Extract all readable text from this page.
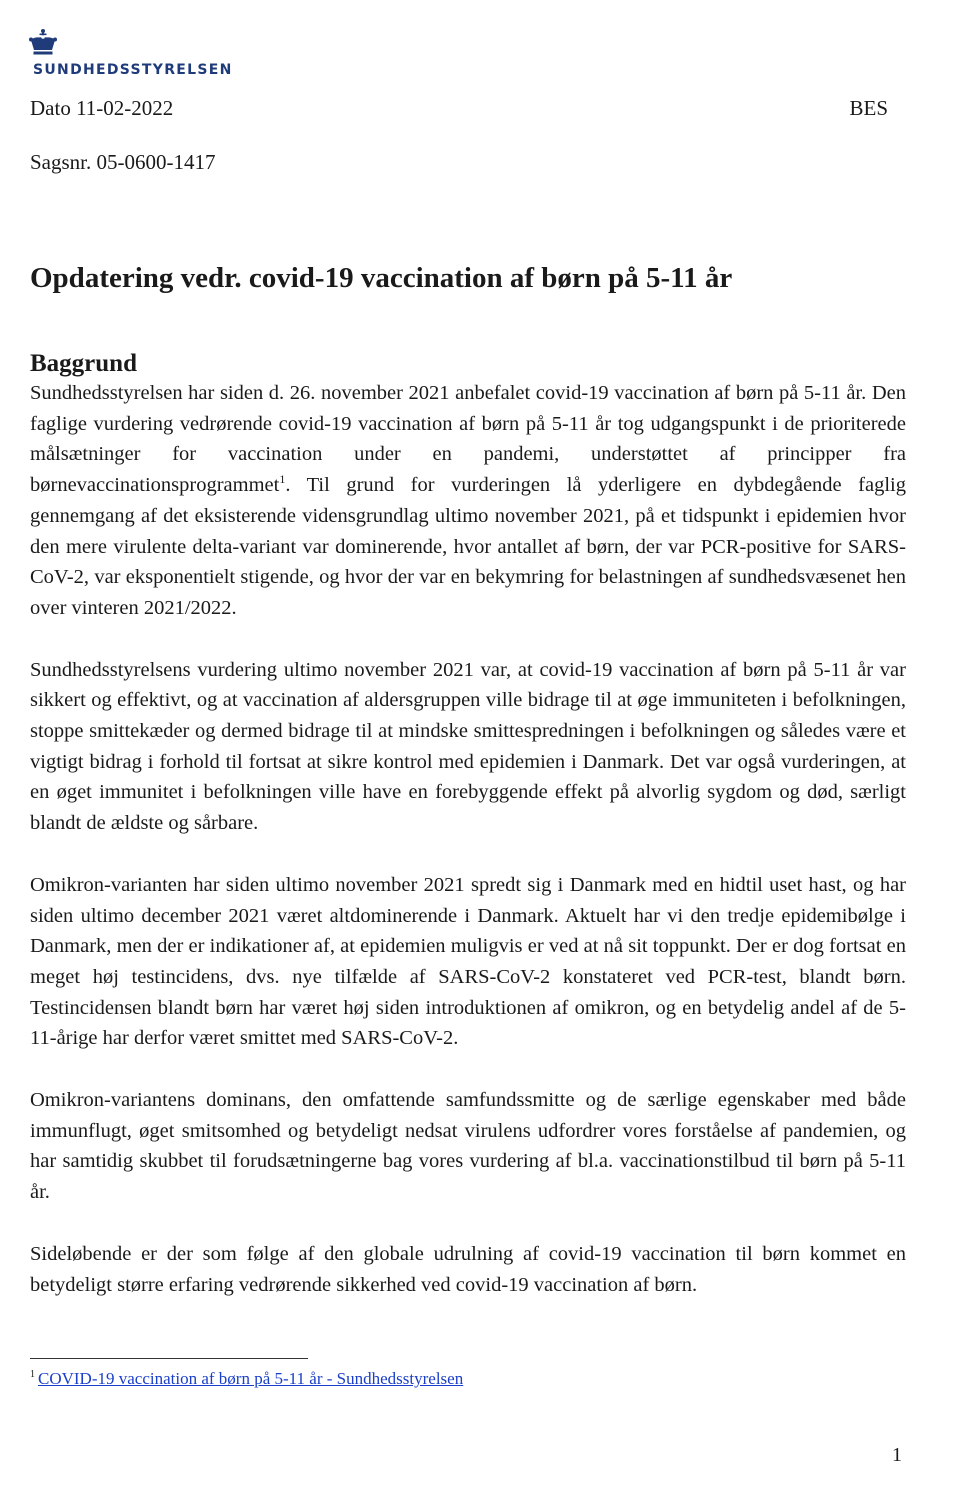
SUNDHEDSSTYRELSEN
Dato 11-02-2022	BES
Sagsnr. 05-0600-1417
Opdatering vedr. covid-19 vaccination af børn på 5-11 år
Baggrund

Sundhedsstyrelsen har siden d. 26. november 2021 anbefalet covid-19 vaccination af børn på 5-11 år. Den faglige vurdering vedrørende covid-19 vaccination af børn på 5-11 år tog udgangspunkt i de prioriterede målsætninger for vaccination under en pandemi, understøttet af principper fra børnevaccinationsprogrammet$^1$. Til grund for vurderingen lå yderligere en dybdegående faglig gennemgang af det eksisterende vidensgrundlag ultimo november 2021, på et tidspunkt i epidemien hvor den mere virulente delta-variant var dominerende, hvor antallet af børn, der var PCR-positive for SARS-CoV-2, var eksponentielt stigende, og hvor der var en bekymring for belastningen af sundhedsvæsenet hen over vinteren 2021/2022.

Sundhedsstyrelsens vurdering ultimo november 2021 var, at covid-19 vaccination af børn på 5-11 år var sikkert og effektivt, og at vaccination af aldersgruppen ville bidrage til at øge immuniteten i befolkningen, stoppe smittekæder og dermed bidrage til at mindske smittespredningen i befolkningen og således være et vigtigt bidrag i forhold til fortsat at sikre kontrol med epidemien i Danmark. Det var også vurderingen, at en øget immunitet i befolkningen ville have en forebyggende effekt på alvorlig sygdom og død, særligt blandt de ældste og sårbare.

Omikron-varianten har siden ultimo november 2021 spredt sig i Danmark med en hidtil uset hast, og har siden ultimo december 2021 været altdominerende i Danmark. Aktuelt har vi den tredje epidemibølge i Danmark, men der er indikationer af, at epidemien muligvis er ved at nå sit toppunkt. Der er dog fortsat en meget høj testincidens, dvs. nye tilfælde af SARS-CoV-2 konstateret ved PCR-test, blandt børn. Testincidensen blandt børn har været høj siden introduktionen af omikron, og en betydelig andel af de 5-11-årige har derfor været smittet med SARS-CoV-2.

Omikron-variantens dominans, den omfattende samfundssmitte og de særlige egenskaber med både immunflugt, øget smitsomhed og betydeligt nedsat virulens udfordrer vores forståelse af pandemien, og har samtidig skubbet til forudsætningerne bag vores vurdering af bl.a. vaccinationstilbud til børn på 5-11 år.

Sideløbende er der som følge af den globale udrulning af covid-19 vaccination til børn kommet en betydeligt større erfaring vedrørende sikkerhed ved covid-19 vaccination af børn.

$^1$ COVID-19 vaccination af børn på 5-11 år - Sundhedsstyrelsen
1
